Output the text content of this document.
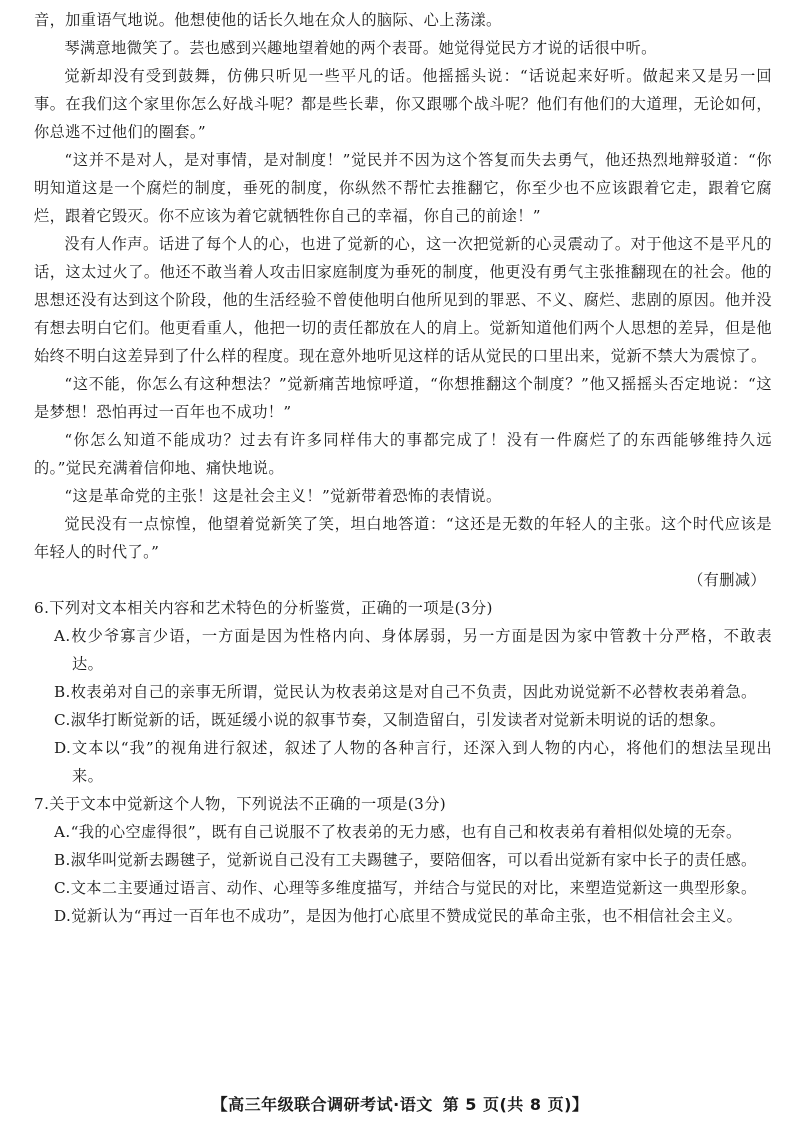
音，加重语气地说。他想使他的话长久地在众人的脑际、心上荡漾。

琴满意地微笑了。芸也感到兴趣地望着她的两个表哥。她觉得觉民方才说的话很中听。

觉新却没有受到鼓舞，仿佛只听见一些平凡的话。他摇摇头说：“话说起来好听。做起来又是另一回事。在我们这个家里你怎么好战斗呢？都是些长辈，你又跟哪个战斗呢？他们有他们的大道理，无论如何，你总逃不过他们的圈套。”

“这并不是对人，是对事情，是对制度！”觉民并不因为这个答复而失去勇气，他还热烈地辩驳道：“你明知道这是一个腐烂的制度，垂死的制度，你纵然不帮忙去推翻它，你至少也不应该跟着它走，跟着它腐烂，跟着它毁灭。你不应该为着它就牺牲你自己的幸福，你自己的前途！”

没有人作声。话进了每个人的心，也进了觉新的心，这一次把觉新的心灵震动了。对于他这不是平凡的话，这太过火了。他还不敢当着人攻击旧家庭制度为垂死的制度，他更没有勇气主张推翻现在的社会。他的思想还没有达到这个阶段，他的生活经验不曾使他明白他所见到的罪恶、不义、腐烂、悲剧的原因。他并没有想去明白它们。他更看重人，他把一切的责任都放在人的肩上。觉新知道他们两个人思想的差异，但是他始终不明白这差异到了什么样的程度。现在意外地听见这样的话从觉民的口里出来，觉新不禁大为震惊了。

“这不能，你怎么有这种想法？”觉新痛苦地惊呼道，“你想推翻这个制度？”他又摇摇头否定地说：“这是梦想！恐怕再过一百年也不成功！”

“你怎么知道不能成功？过去有许多同样伟大的事都完成了！没有一件腐烂了的东西能够维持久远的。”觉民充满着信仰地、痛快地说。

“这是革命党的主张！这是社会主义！”觉新带着恐怖的表情说。

觉民没有一点惊惶，他望着觉新笑了笑，坦白地答道：“这还是无数的年轻人的主张。这个时代应该是年轻人的时代了。”

（有删减）

6.下列对文本相关内容和艺术特色的分析鉴赏，正确的一项是(3分)

A.枚少爷寡言少语，一方面是因为性格内向、身体孱弱，另一方面是因为家中管教十分严格，不敢表达。

B.枚表弟对自己的亲事无所谓，觉民认为枚表弟这是对自己不负责，因此劝说觉新不必替枚表弟着急。

C.淑华打断觉新的话，既延缓小说的叙事节奏，又制造留白，引发读者对觉新未明说的话的想象。

D.文本以“我”的视角进行叙述，叙述了人物的各种言行，还深入到人物的内心，将他们的想法呈现出来。

7.关于文本中觉新这个人物，下列说法不正确的一项是(3分)

A.“我的心空虚得很”，既有自己说服不了枚表弟的无力感，也有自己和枚表弟有着相似处境的无奈。

B.淑华叫觉新去踢毽子，觉新说自己没有工夫踢毽子，要陪佃客，可以看出觉新有家中长子的责任感。

C.文本二主要通过语言、动作、心理等多维度描写，并结合与觉民的对比，来塑造觉新这一典型形象。

D.觉新认为“再过一百年也不成功”，是因为他打心底里不赞成觉民的革命主张，也不相信社会主义。

【高三年级联合调研考试·语文 第 5 页(共 8 页)】
